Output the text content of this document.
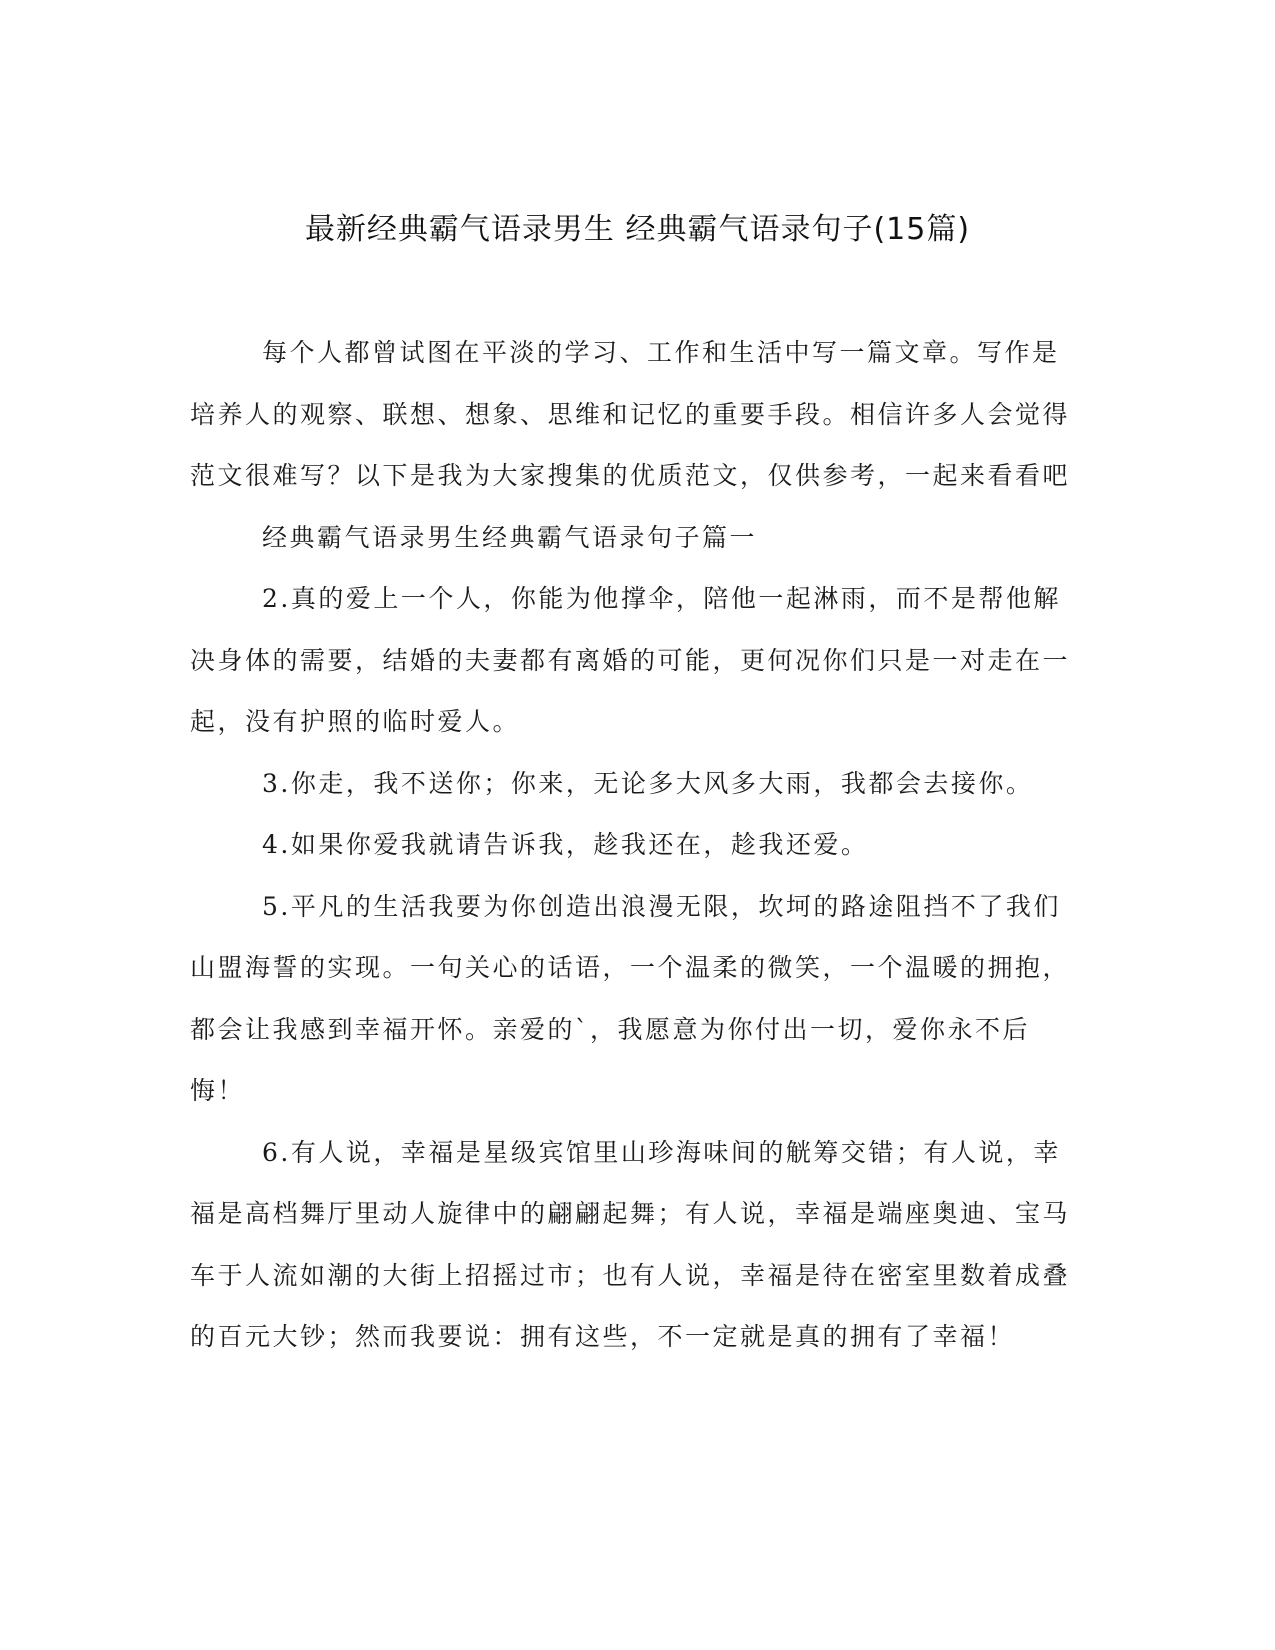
最新经典霸气语录男生 经典霸气语录句子(15篇)

每个人都曾试图在平淡的学习、工作和生活中写一篇文章。写作是培养人的观察、联想、想象、思维和记忆的重要手段。相信许多人会觉得范文很难写？以下是我为大家搜集的优质范文，仅供参考，一起来看看吧

经典霸气语录男生经典霸气语录句子篇一

2.真的爱上一个人，你能为他撑伞，陪他一起淋雨，而不是帮他解决身体的需要，结婚的夫妻都有离婚的可能，更何况你们只是一对走在一起，没有护照的临时爱人。

3.你走，我不送你；你来，无论多大风多大雨，我都会去接你。

4.如果你爱我就请告诉我，趁我还在，趁我还爱。

5.平凡的生活我要为你创造出浪漫无限，坎坷的路途阻挡不了我们山盟海誓的实现。一句关心的话语，一个温柔的微笑，一个温暖的拥抱，都会让我感到幸福开怀。亲爱的`，我愿意为你付出一切，爱你永不后悔！

6.有人说，幸福是星级宾馆里山珍海味间的觥筹交错；有人说，幸福是高档舞厅里动人旋律中的翩翩起舞；有人说，幸福是端座奥迪、宝马车于人流如潮的大街上招摇过市；也有人说，幸福是待在密室里数着成叠的百元大钞；然而我要说：拥有这些，不一定就是真的拥有了幸福！
